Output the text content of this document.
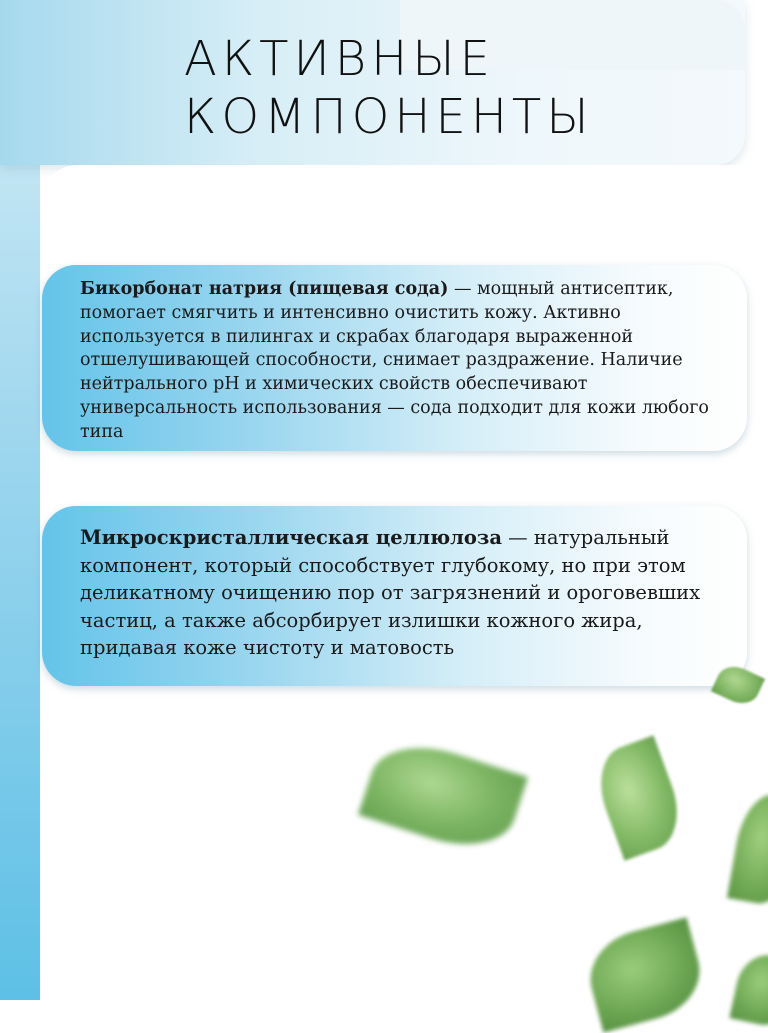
АКТИВНЫЕ КОМПОНЕНТЫ

Бикорбонат натрия (пищевая сода) — мощный антисептик, помогает смягчить и интенсивно очистить кожу. Активно используется в пилингах и скрабах благодаря выраженной отшелушивающей способности, снимает раздражение. Наличие нейтрального pH и химических свойств обеспечивают универсальность использования — сода подходит для кожи любого типа

Микроскристаллическая целлюлоза — натуральный компонент, который способствует глубокому, но при этом деликатному очищению пор от загрязнений и ороговевших частиц, а также абсорбирует излишки кожного жира, придавая коже чистоту и матовость
